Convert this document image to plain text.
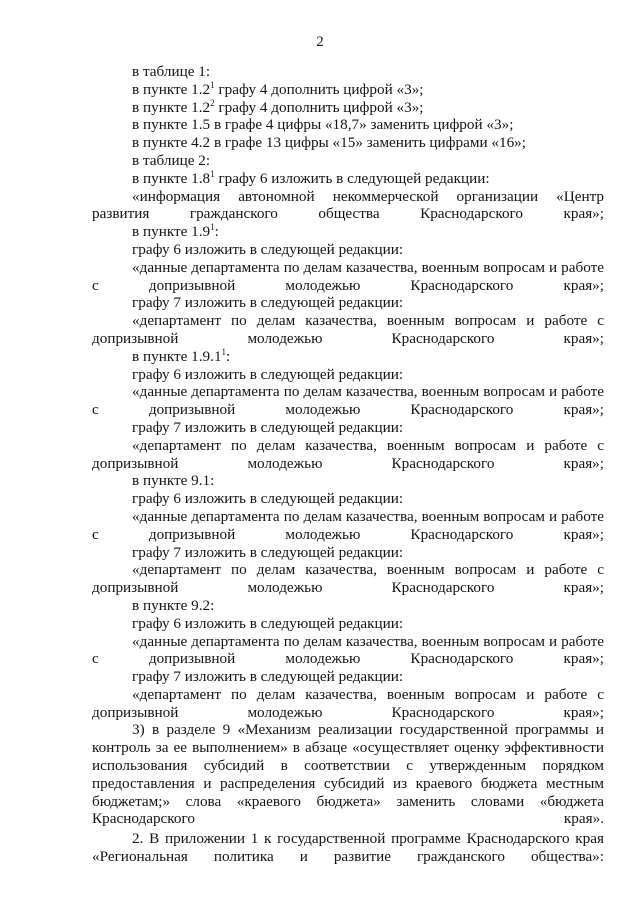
2

в таблице 1:

в пункте $1.2^1$ графу 4 дополнить цифрой «3»;

в пункте $1.2^2$ графу 4 дополнить цифрой «3»;

в пункте 1.5 в графе 4 цифры «18,7» заменить цифрой «3»;

в пункте 4.2 в графе 13 цифры «15» заменить цифрами «16»;

в таблице 2:

в пункте $1.8^1$ графу 6 изложить в следующей редакции:

«информация автономной некоммерческой организации «Центр развития гражданского общества Краснодарского края»;

в пункте $1.9^1$:

графу 6 изложить в следующей редакции:

«данные департамента по делам казачества, военным вопросам и работе с допризывной молодежью Краснодарского края»;

графу 7 изложить в следующей редакции:

«департамент по делам казачества, военным вопросам и работе с допризывной молодежью Краснодарского края»;

в пункте 1.9.1$^1$:

графу 6 изложить в следующей редакции:

«данные департамента по делам казачества, военным вопросам и работе с допризывной молодежью Краснодарского края»;

графу 7 изложить в следующей редакции:

«департамент по делам казачества, военным вопросам и работе с допризывной молодежью Краснодарского края»;

в пункте 9.1:

графу 6 изложить в следующей редакции:

«данные департамента по делам казачества, военным вопросам и работе с допризывной молодежью Краснодарского края»;

графу 7 изложить в следующей редакции:

«департамент по делам казачества, военным вопросам и работе с допризывной молодежью Краснодарского края»;

в пункте 9.2:

графу 6 изложить в следующей редакции:

«данные департамента по делам казачества, военным вопросам и работе с допризывной молодежью Краснодарского края»;

графу 7 изложить в следующей редакции:

«департамент по делам казачества, военным вопросам и работе с допризывной молодежью Краснодарского края»;

3) в разделе 9 «Механизм реализации государственной программы и контроль за ее выполнением» в абзаце «осуществляет оценку эффективности использования субсидий в соответствии с утвержденным порядком предоставления и распределения субсидий из краевого бюджета местным бюджетам;» слова «краевого бюджета» заменить словами «бюджета Краснодарского края».

2. В приложении 1 к государственной программе Краснодарского края «Региональная политика и развитие гражданского общества»:
